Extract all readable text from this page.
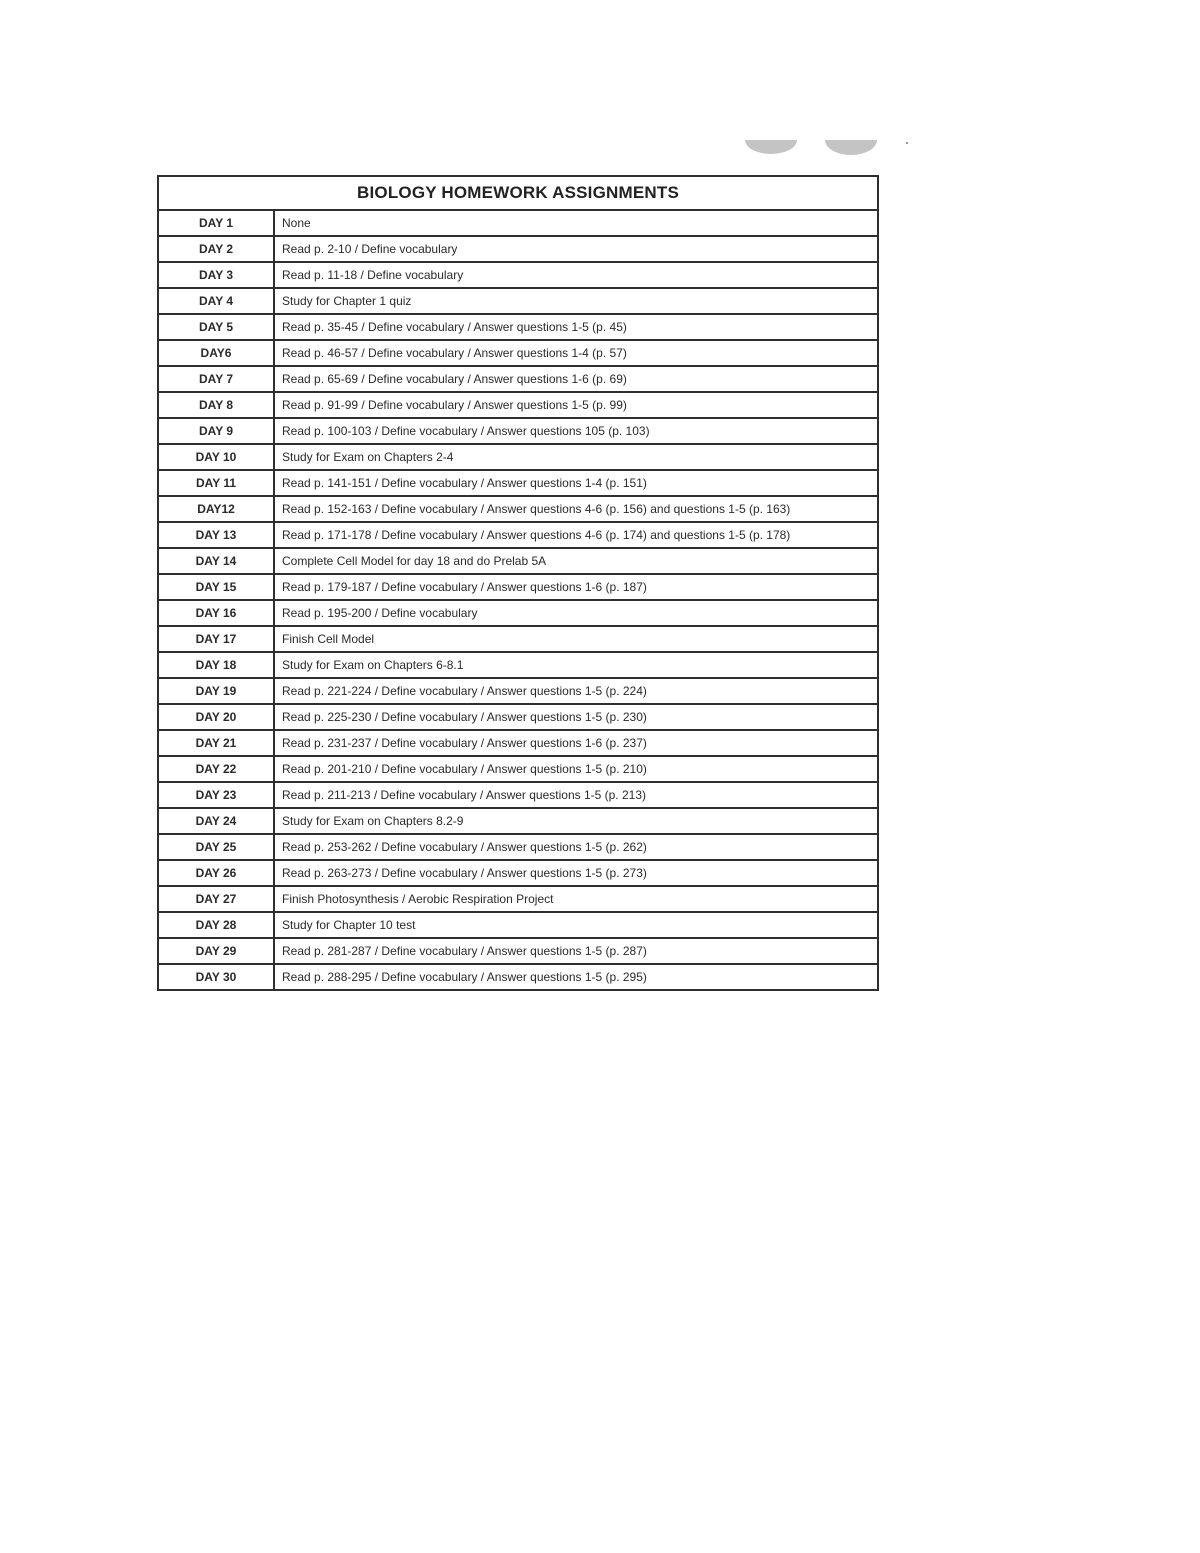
BIOLOGY HOMEWORK ASSIGNMENTS	
DAY 1	None
DAY 2	Read p. 2-10 / Define vocabulary
DAY 3	Read p. 11-18 / Define vocabulary
DAY 4	Study for Chapter 1 quiz
DAY 5	Read p. 35-45 / Define vocabulary / Answer questions 1-5 (p. 45)
DAY6	Read p. 46-57 / Define vocabulary / Answer questions 1-4 (p. 57)
DAY 7	Read p. 65-69 / Define vocabulary / Answer questions 1-6 (p. 69)
DAY 8	Read p. 91-99 / Define vocabulary / Answer questions 1-5 (p. 99)
DAY 9	Read p. 100-103 / Define vocabulary / Answer questions 105 (p. 103)
DAY 10	Study for Exam on Chapters 2-4
DAY 11	Read p. 141-151 / Define vocabulary / Answer questions 1-4 (p. 151)
DAY12	Read p. 152-163 / Define vocabulary / Answer questions 4-6 (p. 156) and questions 1-5 (p. 163)
DAY 13	Read p. 171-178 / Define vocabulary / Answer questions 4-6 (p. 174) and questions 1-5 (p. 178)
DAY 14	Complete Cell Model for day 18 and do Prelab 5A
DAY 15	Read p. 179-187 / Define vocabulary / Answer questions 1-6 (p. 187)
DAY 16	Read p. 195-200 / Define vocabulary
DAY 17	Finish Cell Model
DAY 18	Study for Exam on Chapters 6-8.1
DAY 19	Read p. 221-224 / Define vocabulary / Answer questions 1-5 (p. 224)
DAY 20	Read p. 225-230 / Define vocabulary / Answer questions 1-5 (p. 230)
DAY 21	Read p. 231-237 / Define vocabulary / Answer questions 1-6 (p. 237)
DAY 22	Read p. 201-210 / Define vocabulary / Answer questions 1-5 (p. 210)
DAY 23	Read p. 211-213 / Define vocabulary / Answer questions 1-5 (p. 213)
DAY 24	Study for Exam on Chapters 8.2-9
DAY 25	Read p. 253-262 / Define vocabulary / Answer questions 1-5 (p. 262)
DAY 26	Read p. 263-273 / Define vocabulary / Answer questions 1-5 (p. 273)
DAY 27	Finish Photosynthesis / Aerobic Respiration Project
DAY 28	Study for Chapter 10 test
DAY 29	Read p. 281-287 / Define vocabulary / Answer questions 1-5 (p. 287)
DAY 30	Read p. 288-295 / Define vocabulary / Answer questions 1-5 (p. 295)
